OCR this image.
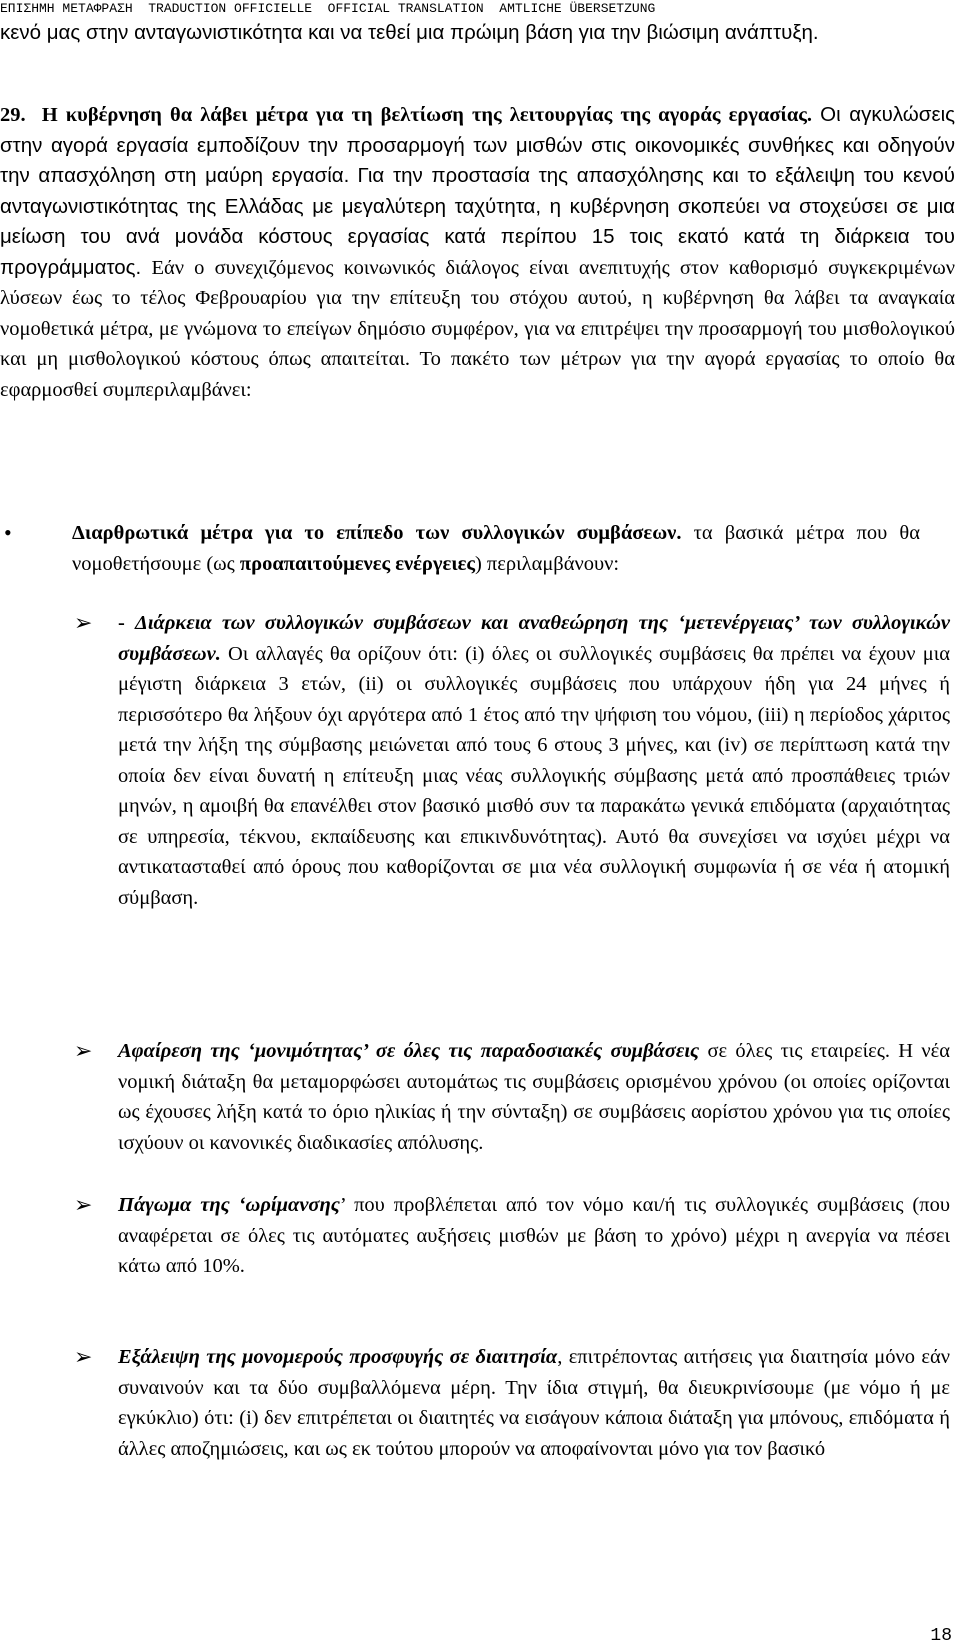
ΕΠΙΣΗΜΗ ΜΕΤΑΦΡΑΣΗ  TRADUCTION OFFICIELLE  OFFICIAL TRANSLATION  AMTLICHE ÜBERSETZUNG

κενό μας στην ανταγωνιστικότητα και να τεθεί μια πρώιμη βάση για την βιώσιμη ανάπτυξη.

29. Η κυβέρνηση θα λάβει μέτρα για τη βελτίωση της λειτουργίας της αγοράς εργασίας. Οι αγκυλώσεις στην αγορά εργασία εμποδίζουν την προσαρμογή των μισθών στις οικονομικές συνθήκες και οδηγούν την απασχόληση στη μαύρη εργασία. Για την προστασία της απασχόλησης και το εξάλειψη του κενού ανταγωνιστικότητας της Ελλάδας με μεγαλύτερη ταχύτητα, η κυβέρνηση σκοπεύει να στοχεύσει σε μια μείωση του ανά μονάδα κόστους εργασίας κατά περίπου 15 τοις εκατό κατά τη διάρκεια του προγράμματος. Εάν ο συνεχιζόμενος κοινωνικός διάλογος είναι ανεπιτυχής στον καθορισμό συγκεκριμένων λύσεων έως το τέλος Φεβρουαρίου για την επίτευξη του στόχου αυτού, η κυβέρνηση θα λάβει τα αναγκαία νομοθετικά μέτρα, με γνώμονα το επείγων δημόσιο συμφέρον, για να επιτρέψει την προσαρμογή του μισθολογικού και μη μισθολογικού κόστους όπως απαιτείται. Το πακέτο των μέτρων για την αγορά εργασίας το οποίο θα εφαρμοσθεί συμπεριλαμβάνει:
•	Διαρθρωτικά μέτρα για το επίπεδο των συλλογικών συμβάσεων. τα βασικά μέτρα που θα νομοθετήσουμε (ως προαπαιτούμενες ενέργειες) περιλαμβάνουν:

➢ - Διάρκεια των συλλογικών συμβάσεων και αναθεώρηση της ‘μετενέργειας’ των συλλογικών συμβάσεων. Οι αλλαγές θα ορίζουν ότι: (i) όλες οι συλλογικές συμβάσεις θα πρέπει να έχουν μια μέγιστη διάρκεια 3 ετών, (ii) οι συλλογικές συμβάσεις που υπάρχουν ήδη για 24 μήνες ή περισσότερο θα λήξουν όχι αργότερα από 1 έτος από την ψήφιση του νόμου, (iii) η περίοδος χάριτος μετά την λήξη της σύμβασης μειώνεται από τους 6 στους 3 μήνες, και (iv) σε περίπτωση κατά την οποία δεν είναι δυνατή η επίτευξη μιας νέας συλλογικής σύμβασης μετά από προσπάθειες τριών μηνών, η αμοιβή θα επανέλθει στον βασικό μισθό συν τα παρακάτω γενικά επιδόματα (αρχαιότητας σε υπηρεσία, τέκνου, εκπαίδευσης και επικινδυνότητας). Αυτό θα συνεχίσει να ισχύει μέχρι να αντικατασταθεί από όρους που καθορίζονται σε μια νέα συλλογική συμφωνία ή σε νέα ή ατομική σύμβαση.

➢ Αφαίρεση της ‘μονιμότητας’ σε όλες τις παραδοσιακές συμβάσεις σε όλες τις εταιρείες. Η νέα νομική διάταξη θα μεταμορφώσει αυτομάτως τις συμβάσεις ορισμένου χρόνου (οι οποίες ορίζονται ως έχουσες λήξη κατά το όριο ηλικίας ή την σύνταξη) σε συμβάσεις αορίστου χρόνου για τις οποίες ισχύουν οι κανονικές διαδικασίες απόλυσης.

➢ Πάγωμα της ‘ωρίμανσης’ που προβλέπεται από τον νόμο και/ή τις συλλογικές συμβάσεις (που αναφέρεται σε όλες τις αυτόματες αυξήσεις μισθών με βάση το χρόνο) μέχρι η ανεργία να πέσει κάτω από 10%.

➢ Εξάλειψη της μονομερούς προσφυγής σε διαιτησία, επιτρέποντας αιτήσεις για διαιτησία μόνο εάν συναινούν και τα δύο συμβαλλόμενα μέρη. Την ίδια στιγμή, θα διευκρινίσουμε (με νόμο ή με εγκύκλιο) ότι: (i) δεν επιτρέπεται οι διαιτητές να εισάγουν κάποια διάταξη για μπόνους, επιδόματα ή άλλες αποζημιώσεις, και ως εκ τούτου μπορούν να αποφαίνονται μόνο για τον βασικό

18
